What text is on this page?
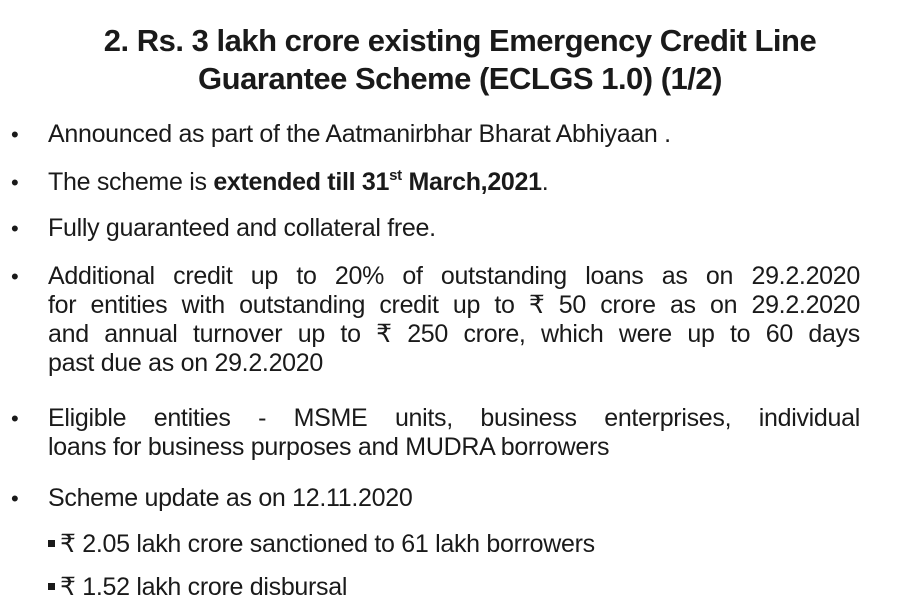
2. Rs. 3 lakh crore existing Emergency Credit Line
Guarantee Scheme (ECLGS 1.0) (1/2)
• Announced as part of the Aatmanirbhar Bharat Abhiyaan .
• The scheme is extended till 31st March,2021.
• Fully guaranteed and collateral free.
• Additional credit up to 20% of outstanding loans as on 29.2.2020
for entities with outstanding credit up to ₹ 50 crore as on 29.2.2020
and annual turnover up to ₹ 250 crore, which were up to 60 days
past due as on 29.2.2020
• Eligible entities - MSME units, business enterprises, individual
loans for business purposes and MUDRA borrowers
• Scheme update as on 12.11.2020
₹ 2.05 lakh crore sanctioned to 61 lakh borrowers
₹ 1.52 lakh crore disbursal
